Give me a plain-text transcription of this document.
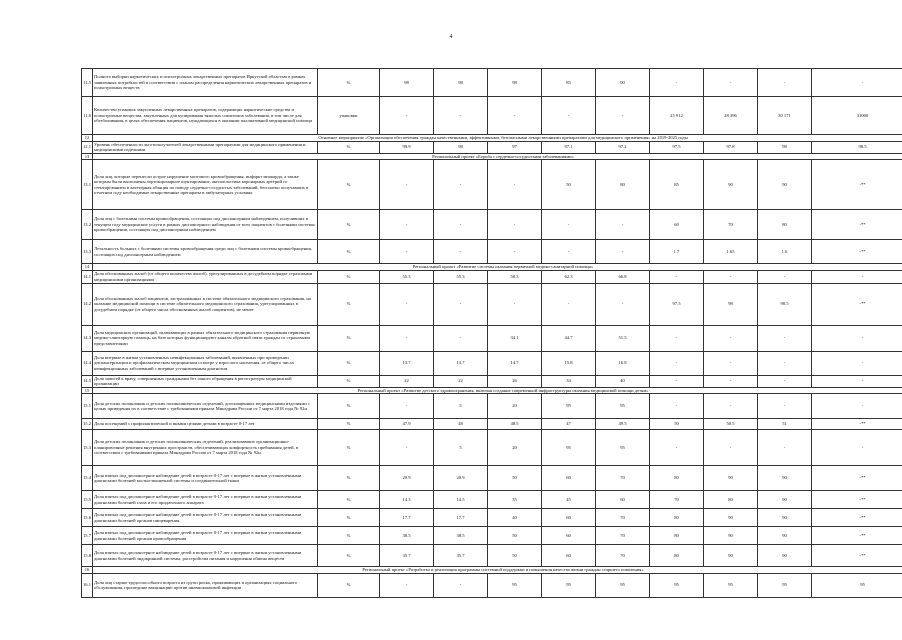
4
11.5	Полнота выборки наркотических и психотропных лекарственных препаратов Иркутской областью в рамках заявленных потребностей в соответствии с планом распределения наркотических лекарственных препаратов и психотропных веществ	%	98	98	98	85	90	-	-	-	-
11.6	Количество упаковок закупленных лекарственных препаратов, содержащих наркотические средства и психотропные вещества, закупленных для купирования тяжелых симптомов заболевания, в том числе для обезболивания, в целях обеспечения пациентов, нуждающихся в оказании паллиативной медицинской помощи	упаковки	-	-	-	-	-	25 912	28 396	30 171	31000
12	Основное мероприятие «Организация обеспечения граждан качественными, эффективными, безопасными лекарственными препаратами для медицинского применения» на 2019-2025 годы										
12.1	Уровень обеспеченности льготополучателей лекарственными препаратами для медицинского применения и медицинскими изделиями	%	99.9	98	97	97.1	97.2	97.5	97.8	98	98.5
13	Региональный проект «Борьба с сердечно-сосудистыми заболеваниями»										
13.1	Доля лиц, которые перенесли острое нарушение мозгового кровообращения, инфаркт миокарда, а также которым были выполнены аортокоронарное шунтирование, ангиопластика коронарных артерий со стентированием и катетерная абляция по поводу сердечно-сосудистых заболеваний, бесплатно получавших в отчетном году необходимые лекарственные препараты в амбулаторных условиях	%	-	-	-	50	80	85	90	90	-**
13.2	Доля лиц с болезнями системы кровообращения, состоящих под диспансерным наблюдением, получивших в текущем году медицинские услуги в рамках диспансерного наблюдения от всех пациентов с болезнями системы кровообращения, состоящих под диспансерным наблюдением	%	-	-	-	-	-	60	70	80	-**
13.3	Летальность больных с болезнями системы кровообращения среди лиц с болезнями системы кровообращения, состоящих под диспансерным наблюдением	%	-	-	-	-	-	1.7	1.65	1.6	-**
14	Региональный проект «Развитие системы оказания первичной медико-санитарной помощи»										
14.1	Доля обоснованных жалоб (от общего количества жалоб), урегулированных в досудебном порядке страховыми медицинскими организациями	%	55.3	55.3	58.3	62.3	66.8	-	-	-	-
14.2	Доля обоснованных жалоб пациентов, застрахованных в системе обязательного медицинского страхования, на оказание медицинской помощи в системе обязательного медицинского страхования, урегулированных в досудебном порядке (от общего числа обоснованных жалоб пациентов), не менее	%	-	-	-	-	-	97.5	98	98.5	-**
14.3	Доля медицинских организаций, оказывающих в рамках обязательного медицинского страхования первичную медико-санитарную помощь, на базе которых функционируют каналы обратной связи граждан со страховыми представителями	%	-	-	34.1	44.7	51.5	-	-	-	-
14.4	Доля впервые в жизни установленных неинфекционных заболеваний, выявленных при проведении диспансеризации и профилактическом медицинском осмотре у взрослого населения, от общего числа неинфекционных заболеваний с впервые установленным диагнозом	%	13.7	13.7	14.7	15.8	16.8	-	-	-	-
14.5	Доля записей к врачу, совершенных гражданами без очного обращения в регистратуры медицинской организации	%	22	22	26	34	40	-	-	-	-
15	Региональный проект «Развитие детского здравоохранения, включая создание современной инфраструктуры оказания медицинской помощи детям»										
15.1	Доля детских поликлиник и детских поликлинических отделений, дооснащенных медицинскими изделиями с целью приведения их в соответствие с требованиями приказа Минздрава России от 7 марта 2018 года № 92н	%	-	5	20	95	95	-	-	-	-
15.2	Доля посещений с профилактической и иными целями детьми в возрасте 0-17 лет	%	47.9	48	48.5	47	49.5	50	50.5	51	-**
15.3	Доля детских поликлиник и детских поликлинических отделений, реализовавших организационно-планировочные решения внутренних пространств, обеспечивающих комфортность пребывания детей, в соответствии с требованиями приказа Минздрава России от 7 марта 2018 года № 92н	%	-	5	20	95	95	-	-	-	-
15.4	Доля взятых под диспансерное наблюдение детей в возрасте 0-17 лет с впервые в жизни установленными диагнозами болезней костно-мышечной системы и соединительной ткани	%	20.9	20.9	50	60	70	80	90	90	-**
15.5	Доля взятых под диспансерное наблюдение детей в возрасте 0-17 лет с впервые в жизни установленными диагнозами болезней глаза и его придаточного аппарата	%	14.3	14.5	35	45	60	70	80	90	-**
15.6	Доля взятых под диспансерное наблюдение детей в возрасте 0-17 лет с впервые в жизни установленными диагнозами болезней органов пищеварения	%	17.7	17.7	40	60	70	80	90	90	-**
15.7	Доля взятых под диспансерное наблюдение детей в возрасте 0-17 лет с впервые в жизни установленными диагнозами болезней органов кровообращения	%	38.5	38.5	50	60	70	80	90	90	-**
15.8	Доля взятых под диспансерное наблюдение детей в возрасте 0-17 лет с впервые в жизни установленными диагнозами болезней эндокринной системы, расстройства питания и нарушения обмена веществ	%	35.7	35.7	50	60	70	80	90	90	-**
16	Региональный проект «Разработка и реализация программы системной поддержки и повышения качества жизни граждан старшего поколения»										
16.1	Доля лиц старше трудоспособного возраста из групп риска, проживающих в организациях социального обслуживания, прошедшие вакцинацию против пневмококковой инфекции	%	-	-	95	95	95	95	95	95	95
